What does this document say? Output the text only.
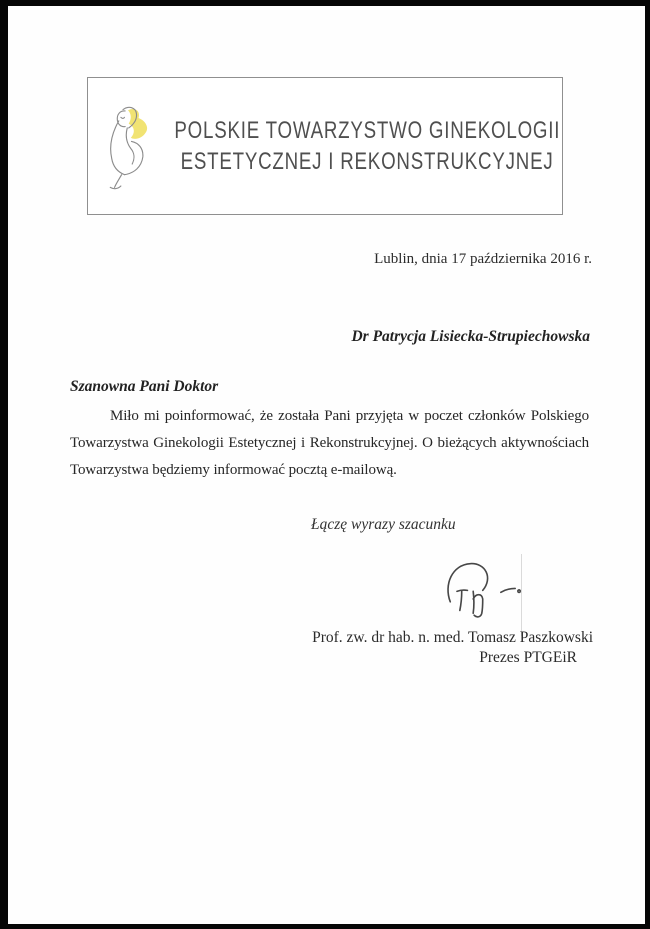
POLSKIE TOWARZYSTWO GINEKOLOGII
ESTETYCZNEJ I REKONSTRUKCYJNEJ
Lublin, dnia 17 października 2016 r.
Dr Patrycja Lisiecka-Strupiechowska
Szanowna Pani Doktor
Miło mi poinformować, że została Pani przyjęta w poczet członków Polskiego
Towarzystwa Ginekologii Estetycznej i Rekonstrukcyjnej. O bieżących aktywnościach
Towarzystwa będziemy informować pocztą e-mailową.
Łączę wyrazy szacunku
Prof. zw. dr hab. n. med. Tomasz Paszkowski
Prezes PTGEiR
